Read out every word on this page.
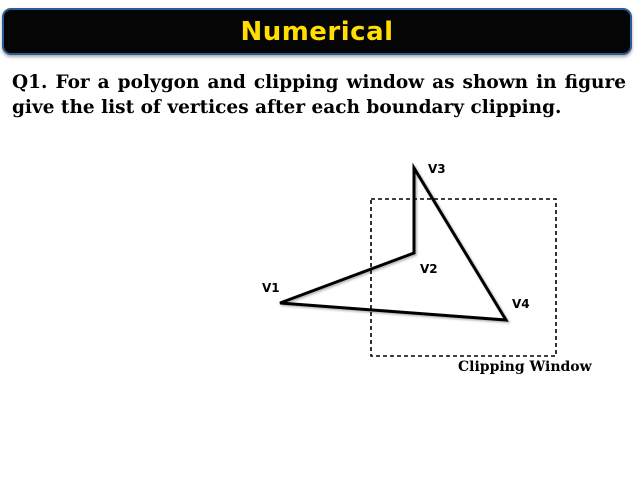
Numerical
Q1. For a polygon and clipping window as shown in figure give the list of vertices after each boundary clipping.
V1
V2
V3
V4
Clipping Window
